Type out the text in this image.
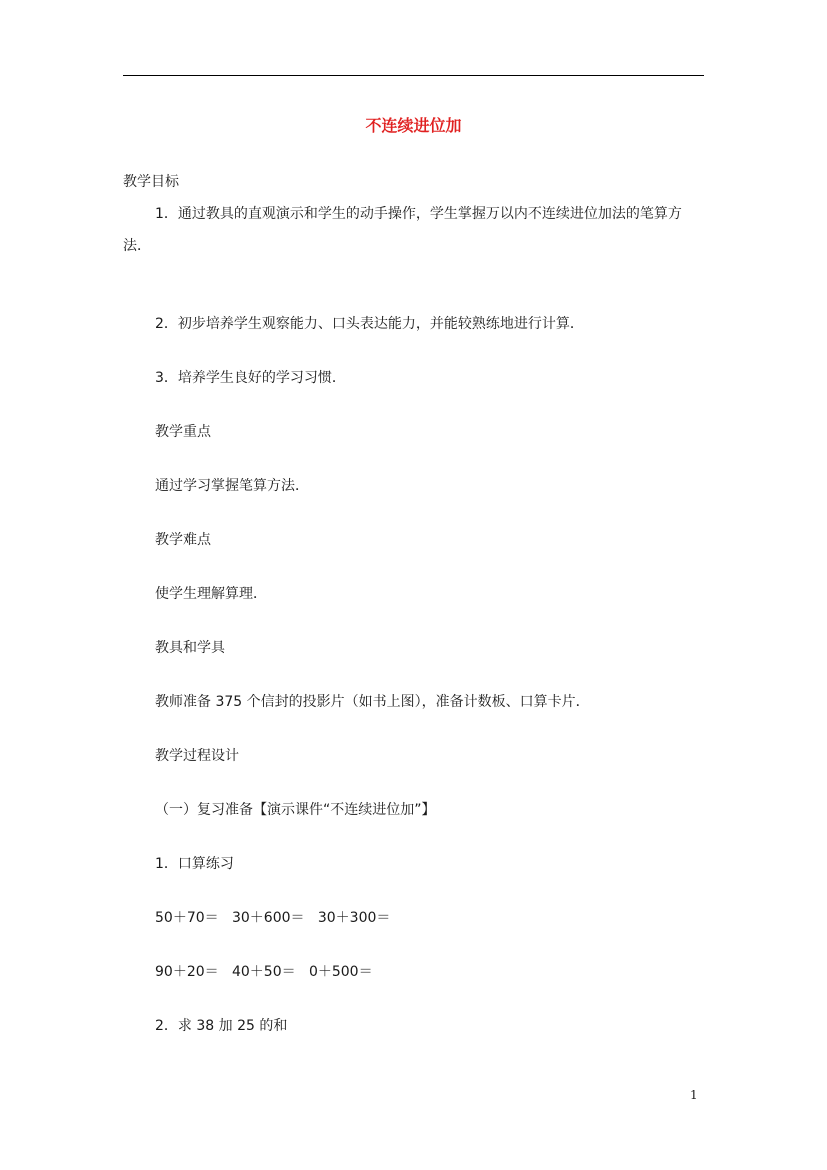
不连续进位加
教学目标
1．通过教具的直观演示和学生的动手操作，学生掌握万以内不连续进位加法的笔算方法．
2．初步培养学生观察能力、口头表达能力，并能较熟练地进行计算．
3．培养学生良好的学习习惯．
教学重点
通过学习掌握笔算方法．
教学难点
使学生理解算理．
教具和学具
教师准备 375 个信封的投影片（如书上图），准备计数板、口算卡片．
教学过程设计
（一）复习准备【演示课件“不连续进位加”】
1．口算练习
50＋70＝   30＋600＝   30＋300＝
90＋20＝   40＋50＝   0＋500＝
2．求 38 加 25 的和
1
